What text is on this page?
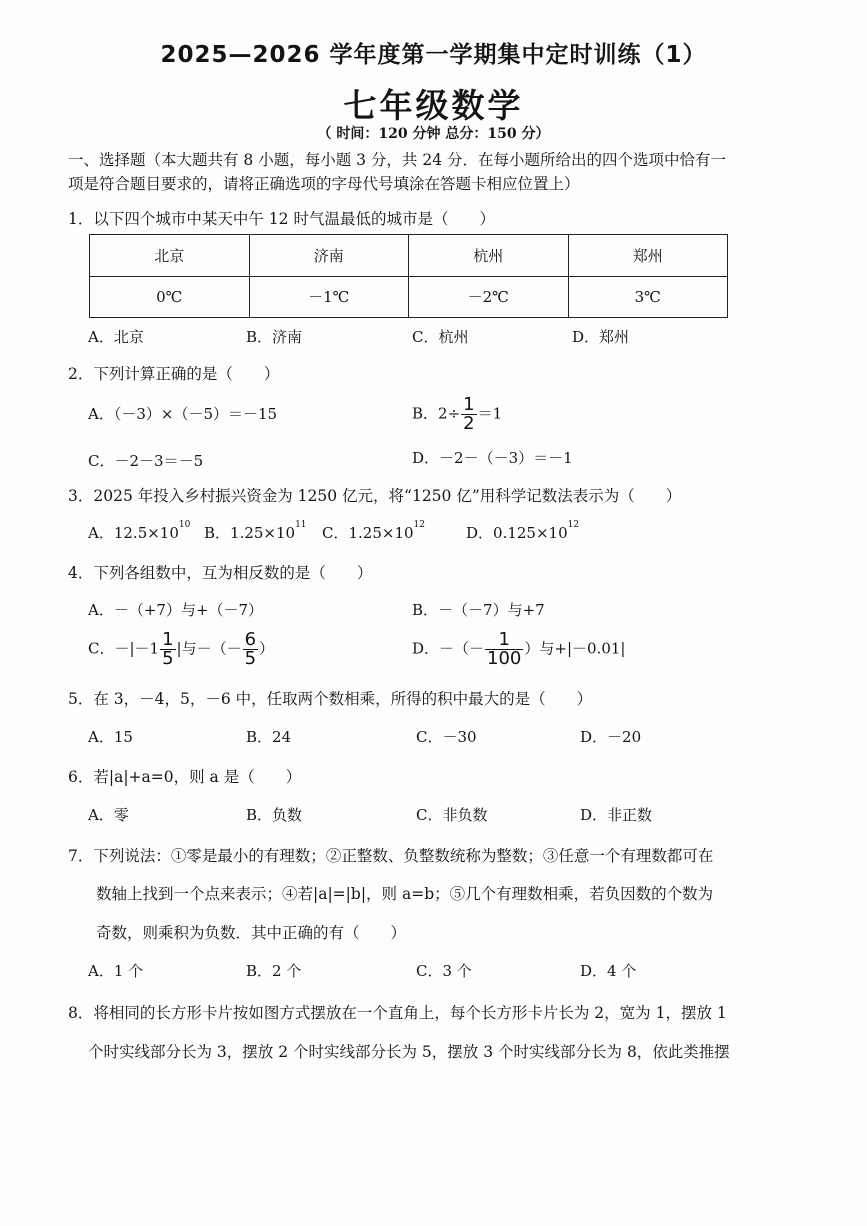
2025—2026 学年度第一学期集中定时训练（1）
七年级数学
（ 时间：120 分钟 总分：150 分）
一、选择题（本大题共有 8 小题，每小题 3 分，共 24 分．在每小题所给出的四个选项中恰有一
项是符合题目要求的，请将正确选项的字母代号填涂在答题卡相应位置上）
1．以下四个城市中某天中午 12 时气温最低的城市是（　　）
北京	济南	杭州	郑州
0℃	－1℃	－2℃	3℃
A．北京	B．济南	C．杭州	D．郑州
2．下列计算正确的是（　　）
A．（－3）×（－5）＝－15	B．$2\div \frac{1}{2} =1$
C．－2－3＝－5	D．－2－（－3）＝－1
3．2025 年投入乡村振兴资金为 1250 亿元，将“1250 亿”用科学记数法表示为（　　）
A．$12.5\times 10^{10}$ B．$1.25\times 10^{11}$ C．$1.25\times 10^{12}$	D．$0.125\times 10^{12}$
4．下列各组数中，互为相反数的是（　　）
A．－（+7）与+（－7）	B．－（－7）与+7
C．$-|-1 \frac{1}{5}$ |与－（－ $\frac{6}{5}$ ）	D．－（－ $\frac{1}{100}$ ）与+|－0.01|
5．在 3，－4，5，－6 中，任取两个数相乘，所得的积中最大的是（　　）
A．15	B．24	C．－30	D．－20
6．若|a|+a=0，则 a 是（　　）
A．零	B．负数	C．非负数	D．非正数
7．下列说法：①零是最小的有理数；②正整数、负整数统称为整数；③任意一个有理数都可在
数轴上找到一个点来表示；④若|a|=|b|，则 a=b；⑤几个有理数相乘，若负因数的个数为
奇数，则乘积为负数．其中正确的有（　　）
A．1 个	B．2 个	C．3 个	D．4 个
8．将相同的长方形卡片按如图方式摆放在一个直角上，每个长方形卡片长为 2，宽为 1，摆放 1
个时实线部分长为 3，摆放 2 个时实线部分长为 5，摆放 3 个时实线部分长为 8，依此类推摆
